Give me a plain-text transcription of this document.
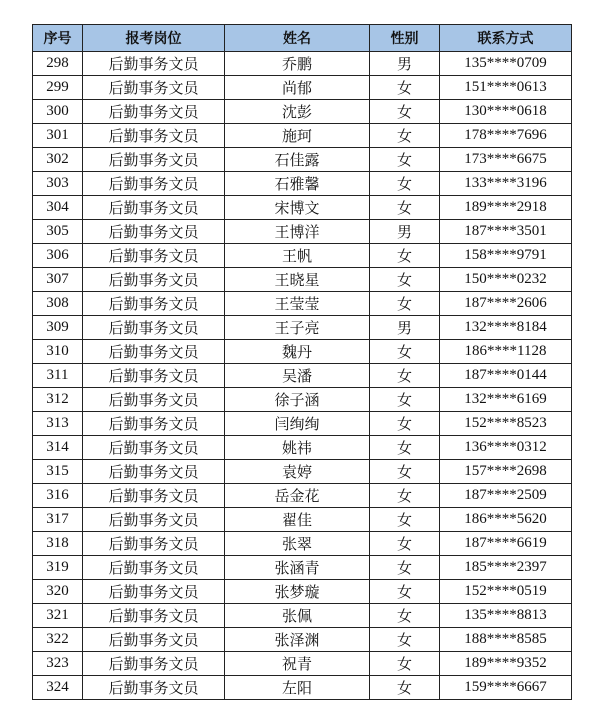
序号	报考岗位	姓名	性别	联系方式
298	后勤事务文员	乔鹏	男	135****0709
299	后勤事务文员	尚郁	女	151****0613
300	后勤事务文员	沈彭	女	130****0618
301	后勤事务文员	施珂	女	178****7696
302	后勤事务文员	石佳露	女	173****6675
303	后勤事务文员	石雅馨	女	133****3196
304	后勤事务文员	宋博文	女	189****2918
305	后勤事务文员	王博洋	男	187****3501
306	后勤事务文员	王帆	女	158****9791
307	后勤事务文员	王晓星	女	150****0232
308	后勤事务文员	王莹莹	女	187****2606
309	后勤事务文员	王子亮	男	132****8184
310	后勤事务文员	魏丹	女	186****1128
311	后勤事务文员	吴潘	女	187****0144
312	后勤事务文员	徐子涵	女	132****6169
313	后勤事务文员	闫绚绚	女	152****8523
314	后勤事务文员	姚祎	女	136****0312
315	后勤事务文员	袁婷	女	157****2698
316	后勤事务文员	岳金花	女	187****2509
317	后勤事务文员	翟佳	女	186****5620
318	后勤事务文员	张翠	女	187****6619
319	后勤事务文员	张涵青	女	185****2397
320	后勤事务文员	张梦璇	女	152****0519
321	后勤事务文员	张佩	女	135****8813
322	后勤事务文员	张泽渊	女	188****8585
323	后勤事务文员	祝青	女	189****9352
324	后勤事务文员	左阳	女	159****6667
